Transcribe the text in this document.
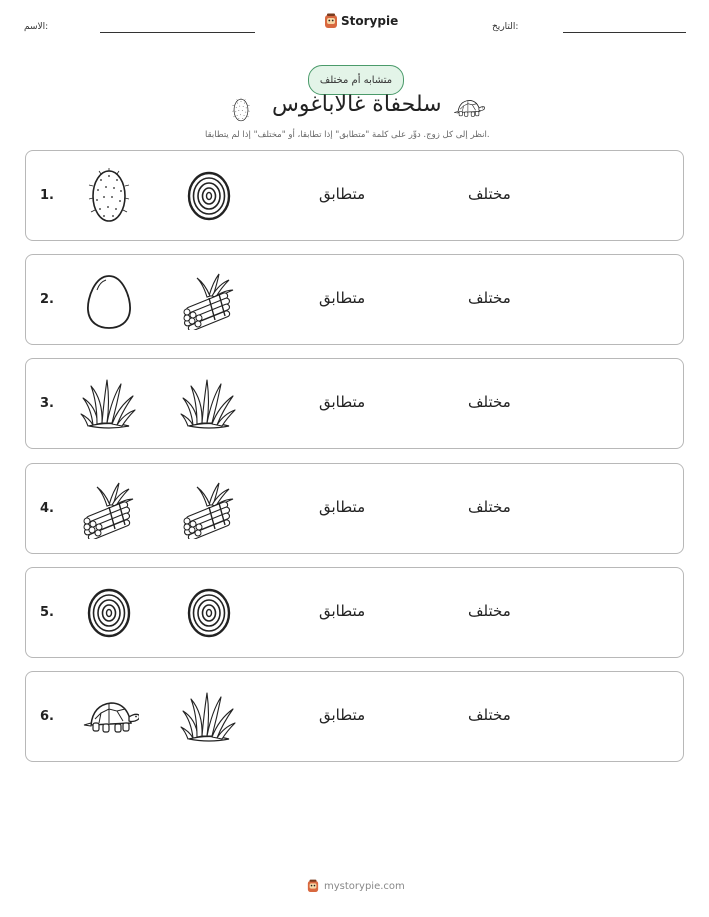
الاسم:	Storypie	التاريخ:
متشابه أم مختلف
سلحفاة غالاباغوس
انظر إلى كل زوج. دوِّر على كلمة "متطابق" إذا تطابقا، أو "مختلف" إذا لم يتطابقا.
1.	متطابق	مختلف
2.	متطابق	مختلف
3.	متطابق	مختلف
4.	متطابق	مختلف
5.	متطابق	مختلف
6.	متطابق	مختلف
mystorypie.com
